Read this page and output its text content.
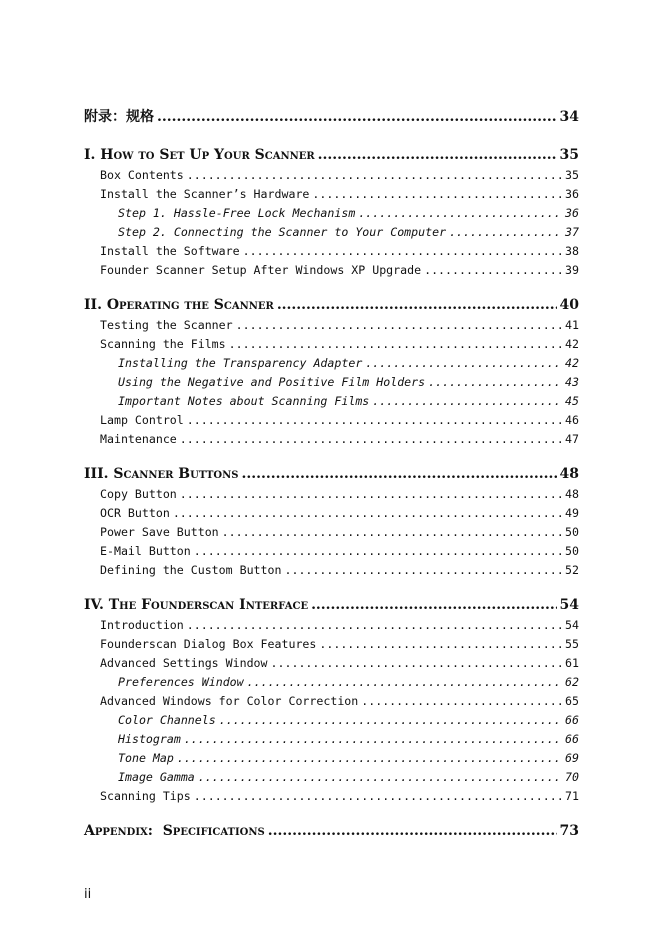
附录：规格 .....	34
I. How to Set Up Your Scanner .....	35
Box Contents .....	35
Install the Scanner’s Hardware .....	36
Step 1. Hassle-Free Lock Mechanism .....	36
Step 2. Connecting the Scanner to Your Computer .....	37
Install the Software .....	38
Founder Scanner Setup After Windows XP Upgrade .....	39
II. Operating the Scanner .....	40
Testing the Scanner .....	41
Scanning the Films .....	42
Installing the Transparency Adapter .....	42
Using the Negative and Positive Film Holders .....	43
Important Notes about Scanning Films .....	45
Lamp Control .....	46
Maintenance .....	47
III. Scanner Buttons .....	48
Copy Button .....	48
OCR Button .....	49
Power Save Button .....	50
E-Mail Button .....	50
Defining the Custom Button .....	52
IV. The Founderscan Interface .....	54
Introduction .....	54
Founderscan Dialog Box Features .....	55
Advanced Settings Window .....	61
Preferences Window .....	62
Advanced Windows for Color Correction .....	65
Color Channels .....	66
Histogram .....	66
Tone Map .....	69
Image Gamma .....	70
Scanning Tips .....	71
Appendix:  Specifications .....	73
ii
